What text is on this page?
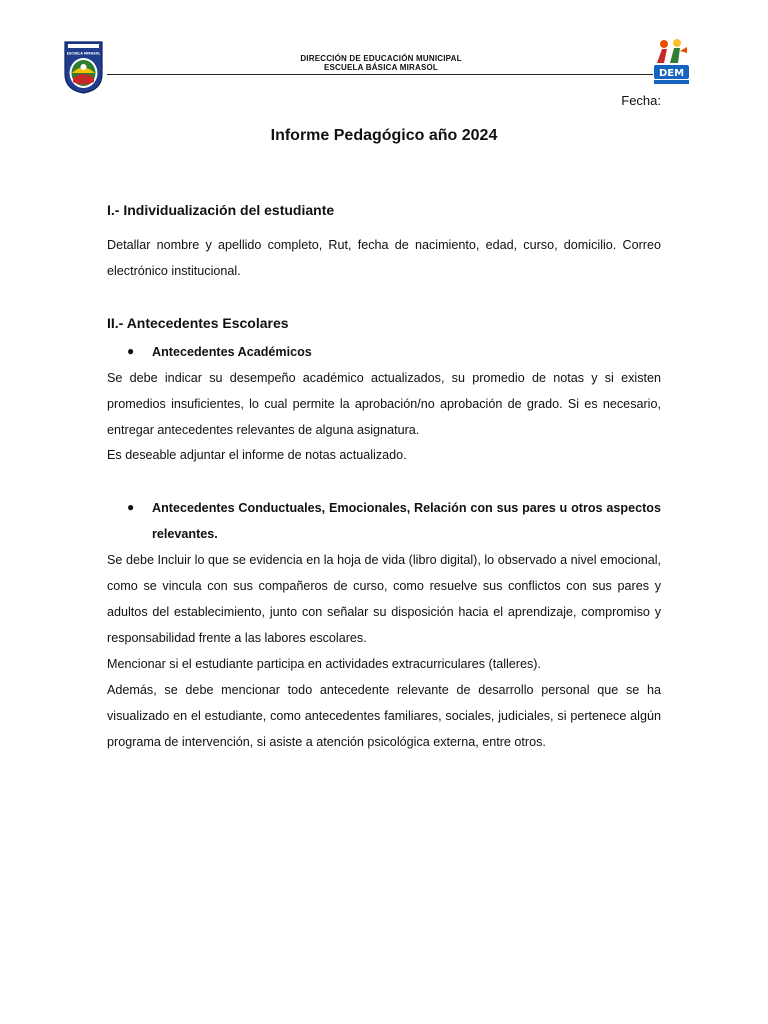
ESCUELA MIRASOL
DIRECCIÓN DE EDUCACIÓN MUNICIPAL
ESCUELA BÁSICA MIRASOL
DEM
Fecha:
Informe Pedagógico año 2024
I.- Individualización del estudiante

Detallar nombre y apellido completo, Rut, fecha de nacimiento, edad, curso, domicilio. Correo electrónico institucional.

II.- Antecedentes Escolares
● Antecedentes Académicos

Se debe indicar su desempeño académico actualizados, su promedio de notas y si existen promedios insuficientes, lo cual permite la aprobación/no aprobación de grado. Si es necesario, entregar antecedentes relevantes de alguna asignatura.

Es deseable adjuntar el informe de notas actualizado.

● Antecedentes Conductuales, Emocionales, Relación con sus pares u otros aspectos relevantes.

Se debe Incluir lo que se evidencia en la hoja de vida (libro digital), lo observado a nivel emocional, como se vincula con sus compañeros de curso, como resuelve sus conflictos con sus pares y adultos del establecimiento, junto con señalar su disposición hacia el aprendizaje, compromiso y responsabilidad frente a las labores escolares.

Mencionar si el estudiante participa en actividades extracurriculares (talleres).

Además, se debe mencionar todo antecedente relevante de desarrollo personal que se ha visualizado en el estudiante, como antecedentes familiares, sociales, judiciales, si pertenece algún programa de intervención, si asiste a atención psicológica externa, entre otros.
